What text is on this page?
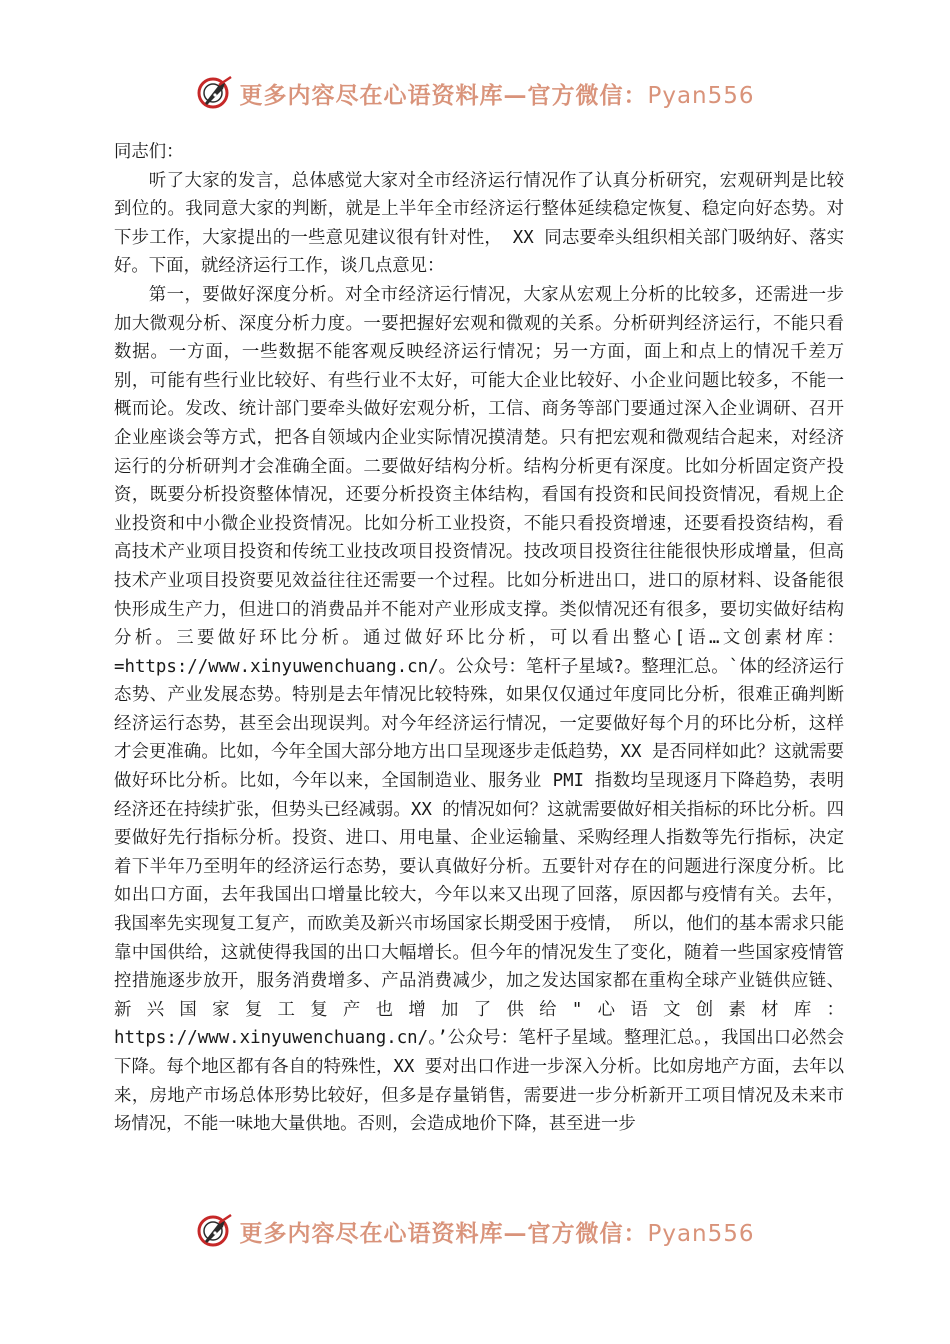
更多内容尽在心语资料库—官方微信：Pyan556

同志们：

听了大家的发言，总体感觉大家对全市经济运行情况作了认真分析研究，宏观研判是比较到位的。我同意大家的判断，就是上半年全市经济运行整体延续稳定恢复、稳定向好态势。对下步工作，大家提出的一些意见建议很有针对性， XX 同志要牵头组织相关部门吸纳好、落实好。下面，就经济运行工作，谈几点意见：

第一，要做好深度分析。对全市经济运行情况，大家从宏观上分析的比较多，还需进一步加大微观分析、深度分析力度。一要把握好宏观和微观的关系。分析研判经济运行，不能只看数据。一方面，一些数据不能客观反映经济运行情况；另一方面，面上和点上的情况千差万别，可能有些行业比较好、有些行业不太好，可能大企业比较好、小企业问题比较多，不能一概而论。发改、统计部门要牵头做好宏观分析，工信、商务等部门要通过深入企业调研、召开企业座谈会等方式，把各自领域内企业实际情况摸清楚。只有把宏观和微观结合起来，对经济运行的分析研判才会准确全面。二要做好结构分析。结构分析更有深度。比如分析固定资产投资，既要分析投资整体情况，还要分析投资主体结构，看国有投资和民间投资情况，看规上企业投资和中小微企业投资情况。比如分析工业投资，不能只看投资增速，还要看投资结构，看高技术产业项目投资和传统工业技改项目投资情况。技改项目投资往往能很快形成增量，但高技术产业项目投资要见效益往往还需要一个过程。比如分析进出口，进口的原材料、设备能很快形成生产力，但进口的消费品并不能对产业形成支撑。类似情况还有很多，要切实做好结构分析。三要做好环比分析。通过做好环比分析，可以看出整心[语…文创素材库：=https://www.xinyuwenchuang.cn/。公众号：笔杆子星域?。整理汇总。`体的经济运行态势、产业发展态势。特别是去年情况比较特殊，如果仅仅通过年度同比分析，很难正确判断经济运行态势，甚至会出现误判。对今年经济运行情况，一定要做好每个月的环比分析，这样才会更准确。比如，今年全国大部分地方出口呈现逐步走低趋势，XX 是否同样如此？这就需要做好环比分析。比如，今年以来，全国制造业、服务业 PMI 指数均呈现逐月下降趋势，表明经济还在持续扩张，但势头已经减弱。XX 的情况如何？这就需要做好相关指标的环比分析。四要做好先行指标分析。投资、进口、用电量、企业运输量、采购经理人指数等先行指标，决定着下半年乃至明年的经济运行态势，要认真做好分析。五要针对存在的问题进行深度分析。比如出口方面，去年我国出口增量比较大，今年以来又出现了回落，原因都与疫情有关。去年，我国率先实现复工复产，而欧美及新兴市场国家长期受困于疫情， 所以，他们的基本需求只能靠中国供给，这就使得我国的出口大幅增长。但今年的情况发生了变化，随着一些国家疫情管控措施逐步放开，服务消费增多、产品消费减少，加之发达国家都在重构全球产业链供应链、新兴国家复工复产也增加了供给"心语文创素材库：https://www.xinyuwenchuang.cn/。’公众号：笔杆子星域。整理汇总。，我国出口必然会下降。每个地区都有各自的特殊性，XX 要对出口作进一步深入分析。比如房地产方面，去年以来，房地产市场总体形势比较好，但多是存量销售，需要进一步分析新开工项目情况及未来市场情况，不能一味地大量供地。否则，会造成地价下降，甚至进一步

更多内容尽在心语资料库—官方微信：Pyan556
